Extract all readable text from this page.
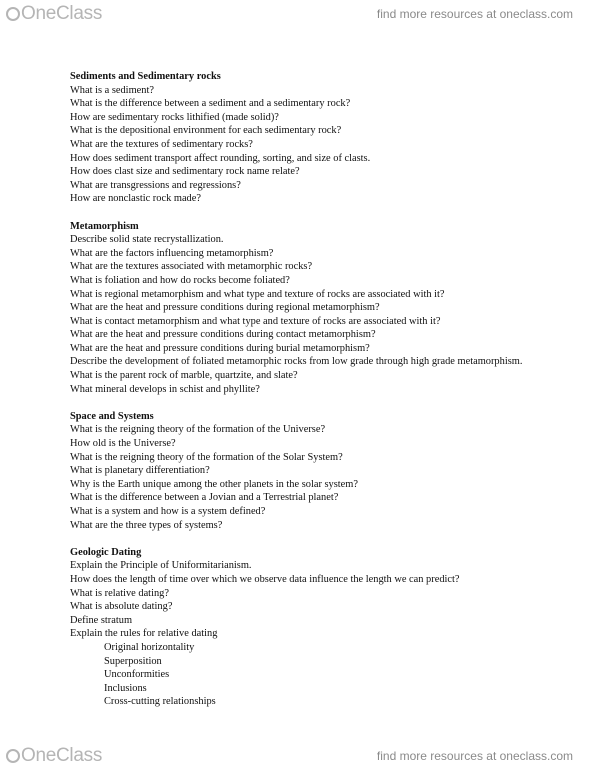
OneClass	find more resources at oneclass.com
Sediments and Sedimentary rocks
What is a sediment?
What is the difference between a sediment and a sedimentary rock?
How are sedimentary rocks lithified (made solid)?
What is the depositional environment for each sedimentary rock?
What are the textures of sedimentary rocks?
How does sediment transport affect rounding, sorting, and size of clasts.
How does clast size and sedimentary rock name relate?
What are transgressions and regressions?
How are nonclastic rock made?
Metamorphism
Describe solid state recrystallization.
What are the factors influencing metamorphism?
What are the textures associated with metamorphic rocks?
What is foliation and how do rocks become foliated?
What is regional metamorphism and what type and texture of rocks are associated with it?
What are the heat and pressure conditions during regional metamorphism?
What is contact metamorphism and what type and texture of rocks are associated with it?
What are the heat and pressure conditions during contact metamorphism?
What are the heat and pressure conditions during burial metamorphism?
Describe the development of foliated metamorphic rocks from low grade through high grade metamorphism.
What is the parent rock of marble, quartzite, and slate?
What mineral develops in schist and phyllite?
Space and Systems
What is the reigning theory of the formation of the Universe?
How old is the Universe?
What is the reigning theory of the formation of the Solar System?
What is planetary differentiation?
Why is the Earth unique among the other planets in the solar system?
What is the difference between a Jovian and a Terrestrial planet?
What is a system and how is a system defined?
What are the three types of systems?
Geologic Dating
Explain the Principle of Uniformitarianism.
How does the length of time over which we observe data influence the length we can predict?
What is relative dating?
What is absolute dating?
Define stratum
Explain the rules for relative dating
Original horizontality
Superposition
Unconformities
Inclusions
Cross-cutting relationships
OneClass	find more resources at oneclass.com
